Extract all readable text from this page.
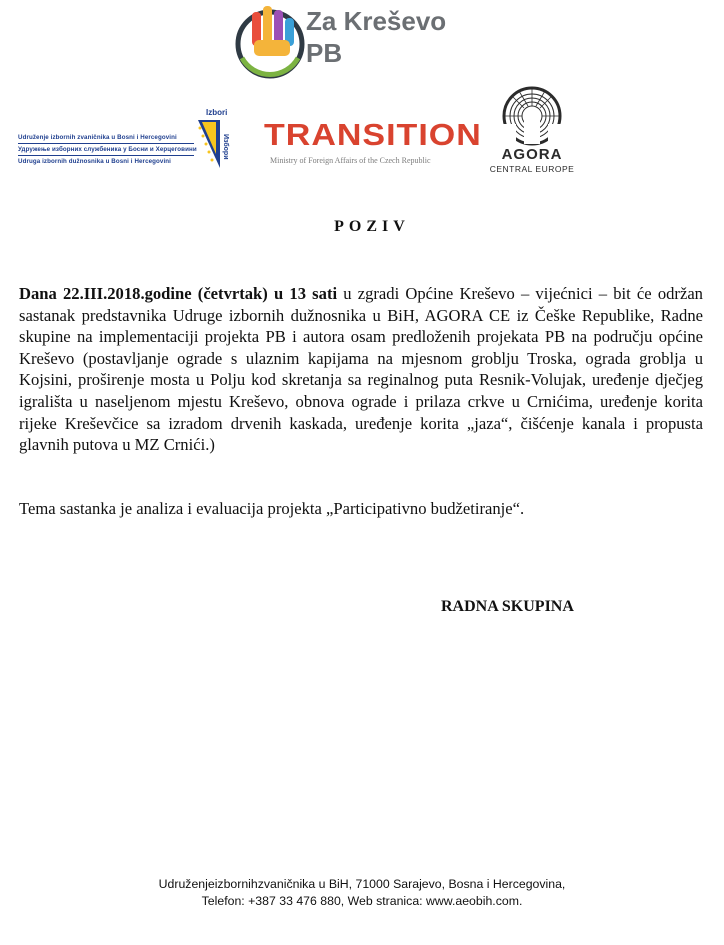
Za Kreševo
PB
Izbori
Избори
Udruženje izbornih zvaničnika u Bosni i Hercegovini
Удружење изборних службеника у Босни и Херцеговини
Udruga izbornih dužnosnika u Bosni i Hercegovini
TRANSITION
Ministry of Foreign Affairs of the Czech Republic	AGORA
CENTRAL EUROPE
POZIV

Dana 22.III.2018.godine (četvrtak) u 13 sati u zgradi Općine Kreševo – vijećnici – bit će održan sastanak predstavnika Udruge izbornih dužnosnika u BiH, AGORA CE iz Češke Republike, Radne skupine na implementaciji projekta PB i autora osam predloženih projekata PB na području općine Kreševo (postavljanje ograde s ulaznim kapijama na mjesnom groblju Troska, ograda groblja u Kojsini, proširenje mosta u Polju kod skretanja sa reginalnog puta Resnik-Volujak, uređenje dječjeg igrališta u naseljenom mjestu Kreševo, obnova ograde i prilaza crkve u Crnićima, uređenje korita rijeke Kreševčice sa izradom drvenih kaskada, uređenje korita „jaza“, čišćenje kanala i propusta glavnih putova u MZ Crnići.)

Tema sastanka je analiza i evaluacija projekta „Participativno budžetiranje“.

RADNA SKUPINA
Udruženjeizbornihzvaničnika u BiH, 71000 Sarajevo, Bosna i Hercegovina,
Telefon: +387 33 476 880, Web stranica: www.aeobih.com.
